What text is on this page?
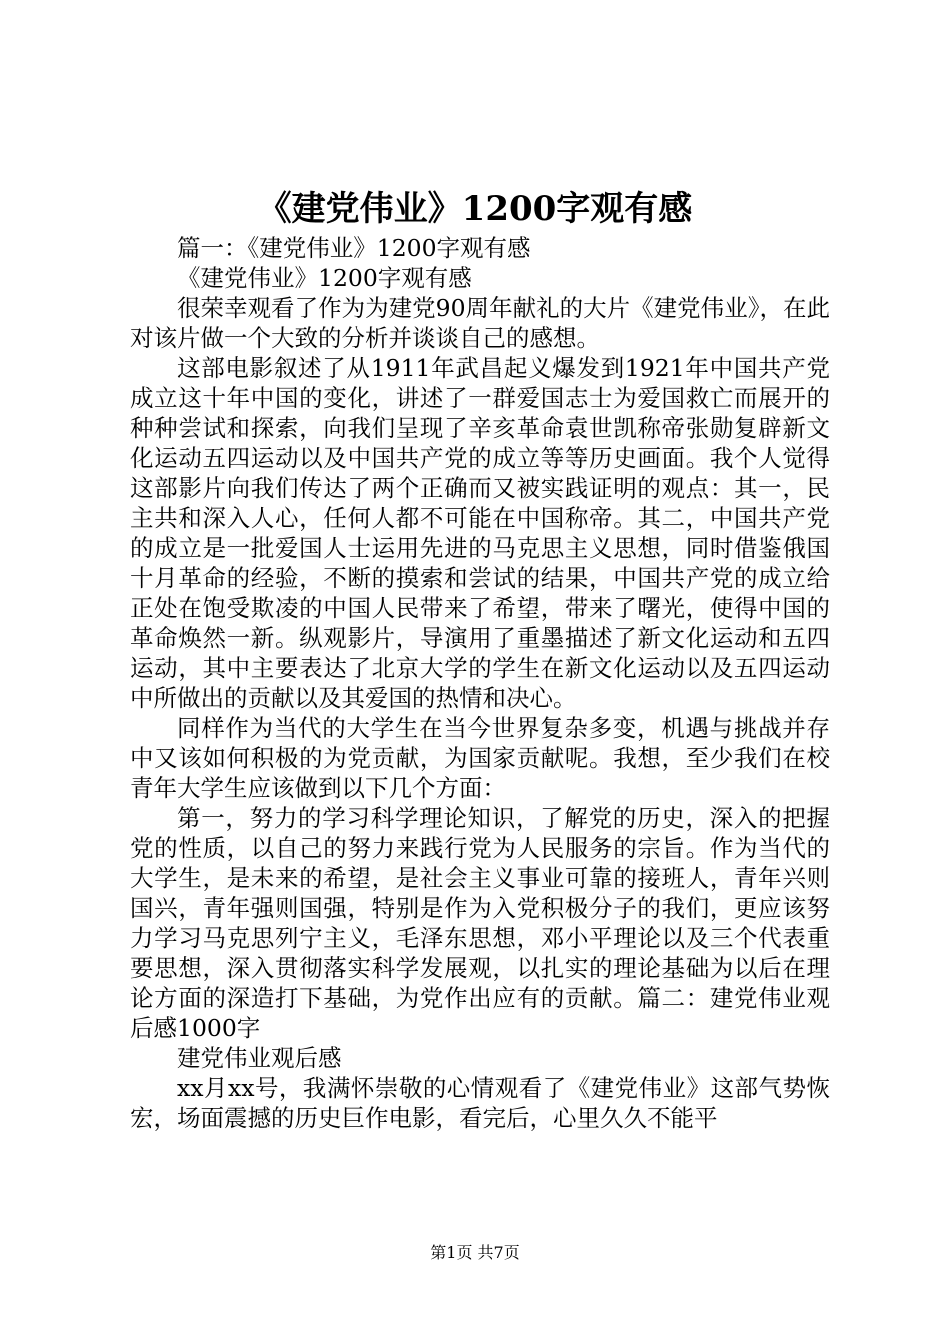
《建党伟业》1200字观有感

篇一：《建党伟业》1200字观有感

《建党伟业》1200字观有感

很荣幸观看了作为为建党90周年献礼的大片《建党伟业》，在此对该片做一个大致的分析并谈谈自己的感想。

这部电影叙述了从1911年武昌起义爆发到1921年中国共产党成立这十年中国的变化，讲述了一群爱国志士为爱国救亡而展开的种种尝试和探索，向我们呈现了辛亥革命袁世凯称帝张勋复辟新文化运动五四运动以及中国共产党的成立等等历史画面。我个人觉得这部影片向我们传达了两个正确而又被实践证明的观点：其一，民主共和深入人心，任何人都不可能在中国称帝。其二，中国共产党的成立是一批爱国人士运用先进的马克思主义思想，同时借鉴俄国十月革命的经验，不断的摸索和尝试的结果，中国共产党的成立给正处在饱受欺凌的中国人民带来了希望，带来了曙光，使得中国的革命焕然一新。纵观影片，导演用了重墨描述了新文化运动和五四运动，其中主要表达了北京大学的学生在新文化运动以及五四运动中所做出的贡献以及其爱国的热情和决心。

同样作为当代的大学生在当今世界复杂多变，机遇与挑战并存中又该如何积极的为党贡献，为国家贡献呢。我想，至少我们在校青年大学生应该做到以下几个方面：

第一，努力的学习科学理论知识，了解党的历史，深入的把握党的性质，以自己的努力来践行党为人民服务的宗旨。作为当代的大学生，是未来的希望，是社会主义事业可靠的接班人，青年兴则国兴，青年强则国强，特别是作为入党积极分子的我们，更应该努力学习马克思列宁主义，毛泽东思想，邓小平理论以及三个代表重要思想，深入贯彻落实科学发展观，以扎实的理论基础为以后在理论方面的深造打下基础，为党作出应有的贡献。篇二：建党伟业观后感1000字

建党伟业观后感

xx月xx号，我满怀崇敬的心情观看了《建党伟业》这部气势恢宏，场面震撼的历史巨作电影，看完后，心里久久不能平

第1页 共7页
